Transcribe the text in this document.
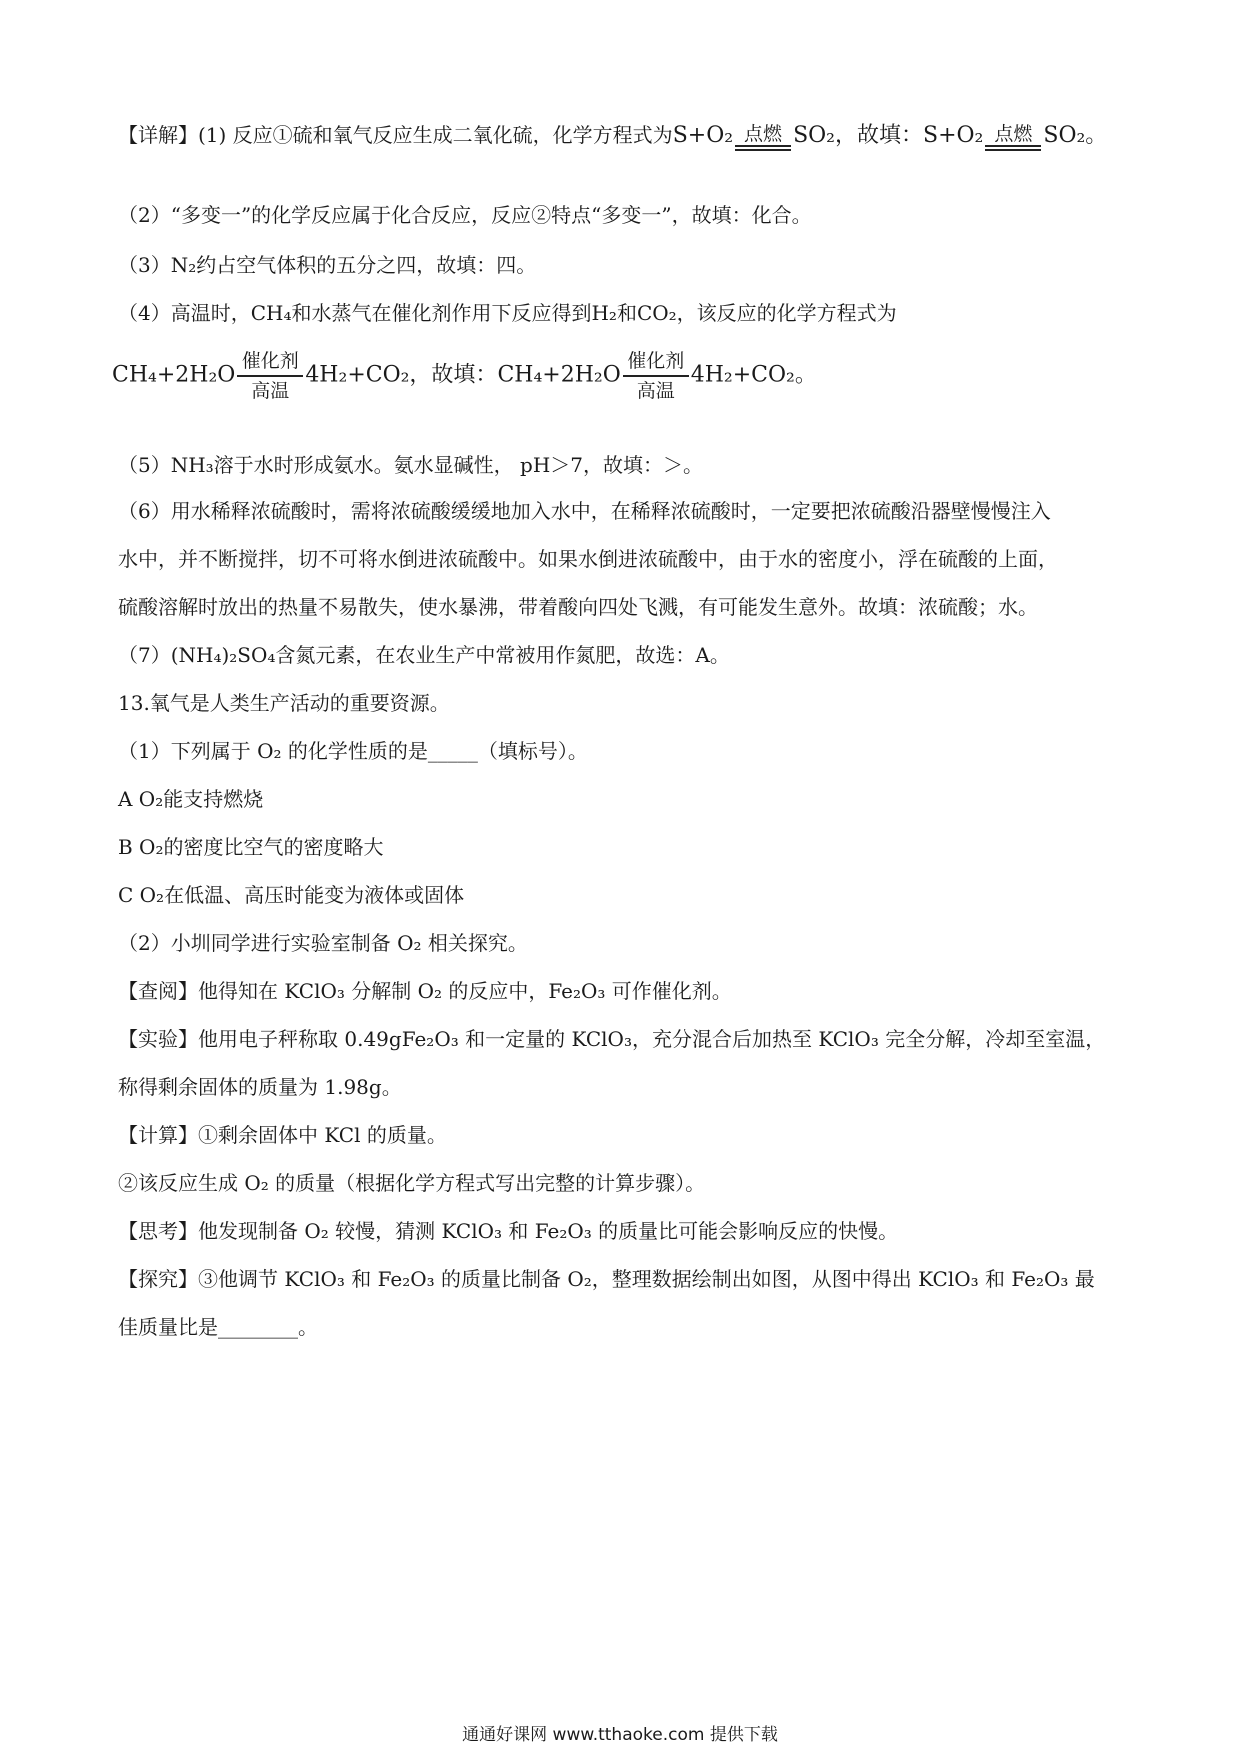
【详解】(1) 反应①硫和氧气反应生成二氧化硫，化学方程式为S+O₂ 点燃 SO₂，故填：S+O₂ 点燃 SO₂。
（2）“多变一”的化学反应属于化合反应，反应②特点“多变一”，故填：化合。
（3）N₂约占空气体积的五分之四，故填：四。
（4）高温时，CH₄和水蒸气在催化剂作用下反应得到H₂和CO₂，该反应的化学方程式为
CH₄+2H₂O
催化剂
高温
4H₂+CO₂，故填：CH₄+2H₂O
催化剂
高温
4H₂+CO₂。
（5）NH₃溶于水时形成氨水。氨水显碱性， pH＞7，故填：＞。
（6）用水稀释浓硫酸时，需将浓硫酸缓缓地加入水中，在稀释浓硫酸时，一定要把浓硫酸沿器壁慢慢注入
水中，并不断搅拌，切不可将水倒进浓硫酸中。如果水倒进浓硫酸中，由于水的密度小，浮在硫酸的上面，
硫酸溶解时放出的热量不易散失，使水暴沸，带着酸向四处飞溅，有可能发生意外。故填：浓硫酸；水。
（7）(NH₄)₂SO₄含氮元素，在农业生产中常被用作氮肥，故选：A。
13.氧气是人类生产活动的重要资源。
（1）下列属于 O₂ 的化学性质的是_____（填标号）。
A O₂能支持燃烧
B O₂的密度比空气的密度略大
C O₂在低温、高压时能变为液体或固体
（2）小圳同学进行实验室制备 O₂ 相关探究。
【查阅】他得知在 KClO₃ 分解制 O₂ 的反应中，Fe₂O₃ 可作催化剂。
【实验】他用电子秤称取 0.49gFe₂O₃ 和一定量的 KClO₃，充分混合后加热至 KClO₃ 完全分解，冷却至室温，
称得剩余固体的质量为 1.98g。
【计算】①剩余固体中 KCl 的质量。
②该反应生成 O₂ 的质量（根据化学方程式写出完整的计算步骤）。
【思考】他发现制备 O₂ 较慢，猜测 KClO₃ 和 Fe₂O₃ 的质量比可能会影响反应的快慢。
【探究】③他调节 KClO₃ 和 Fe₂O₃ 的质量比制备 O₂，整理数据绘制出如图，从图中得出 KClO₃ 和 Fe₂O₃ 最
佳质量比是________。
通通好课网 www.tthaoke.com 提供下载
